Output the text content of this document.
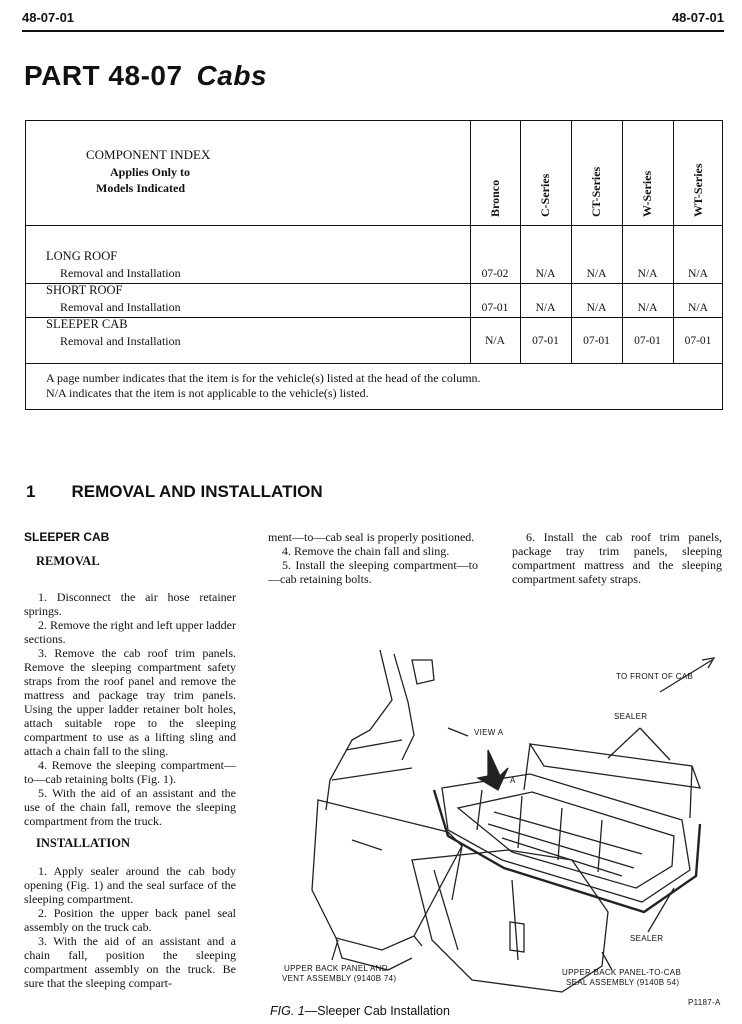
48-07-01	48-07-01
PART 48-07 Cabs
COMPONENT INDEX
Applies Only to
Models Indicated	Bronco	C-Series	CT-Series	W-Series	WT-Series
LONG ROOF
Removal and Installation	07-02	N/A	N/A	N/A	N/A
SHORT ROOF
Removal and Installation	07-01	N/A	N/A	N/A	N/A
SLEEPER CAB
Removal and Installation	N/A	07-01	07-01	07-01	07-01
A page number indicates that the item is for the vehicle(s) listed at the head of the column.
N/A indicates that the item is not applicable to the vehicle(s) listed.
1 REMOVAL AND INSTALLATION
SLEEPER CAB
REMOVAL

1. Disconnect the air hose retainer springs.

2. Remove the right and left upper ladder sections.

3. Remove the cab roof trim panels. Remove the sleeping compartment safety straps from the roof panel and remove the mattress and package tray trim panels. Using the upper ladder retainer bolt holes, attach suitable rope to the sleeping compartment to use as a lifting sling and attach a chain fall to the sling.

4. Remove the sleeping compartment—to—cab retaining bolts (Fig. 1).

5. With the aid of an assistant and the use of the chain fall, remove the sleeping compartment from the truck.

INSTALLATION

1. Apply sealer around the cab body opening (Fig. 1) and the seal surface of the sleeping compartment.

2. Position the upper back panel seal assembly on the truck cab.

3. With the aid of an assistant and a chain fall, position the sleeping compartment assembly on the truck. Be sure that the sleeping compart-

ment—to—cab seal is properly positioned.

4. Remove the chain fall and sling.

5. Install the sleeping compartment—to—cab retaining bolts.

6. Install the cab roof trim panels, package tray trim panels, sleeping compartment mattress and the sleeping compartment safety straps.

TO FRONT OF CAB
SEALER
VIEW A
A
SEALER
UPPER BACK PANEL AND
VENT ASSEMBLY (9140B 74)
UPPER BACK PANEL-TO-CAB
SEAL ASSEMBLY (9140B 54)
P1187-A
FIG. 1—Sleeper Cab Installation
